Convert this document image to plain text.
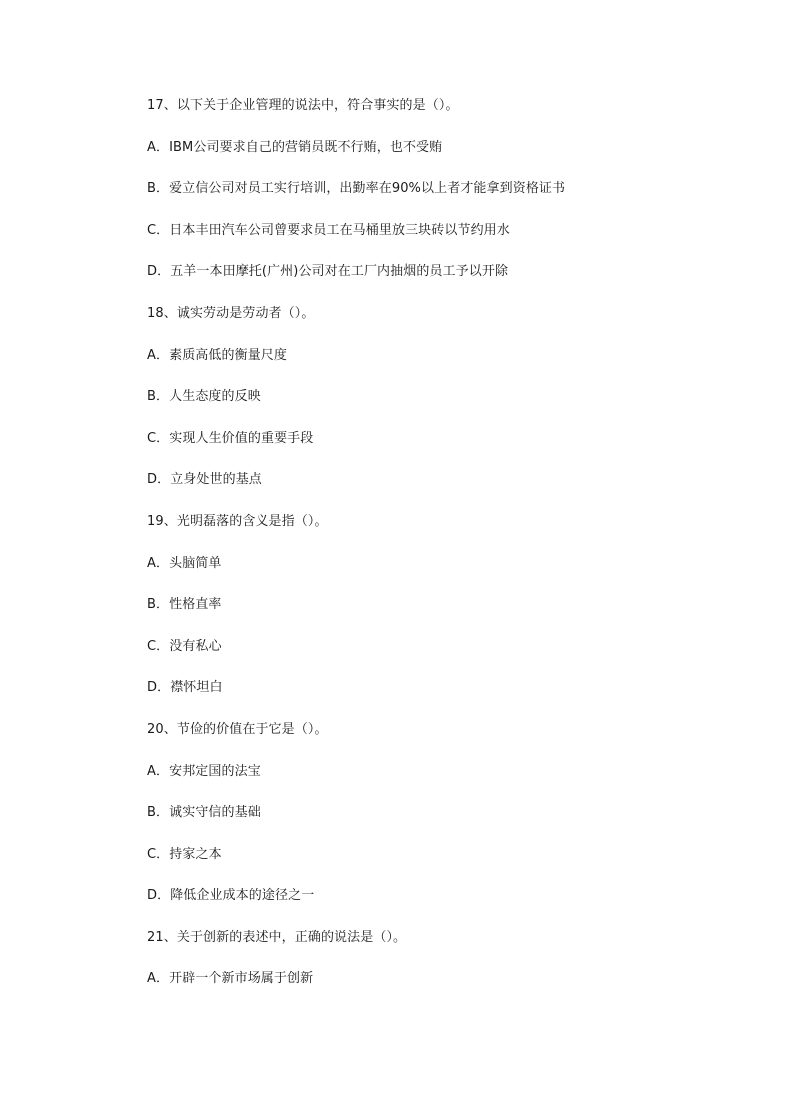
17、以下关于企业管理的说法中，符合事实的是（）。
A．IBM公司要求自己的营销员既不行贿，也不受贿
B．爱立信公司对员工实行培训，出勤率在90%以上者才能拿到资格证书
C．日本丰田汽车公司曾要求员工在马桶里放三块砖以节约用水
D．五羊一本田摩托(广州)公司对在工厂内抽烟的员工予以开除
18、诚实劳动是劳动者（）。
A．素质高低的衡量尺度
B．人生态度的反映
C．实现人生价值的重要手段
D．立身处世的基点
19、光明磊落的含义是指（）。
A．头脑简单
B．性格直率
C．没有私心
D．襟怀坦白
20、节俭的价值在于它是（）。
A．安邦定国的法宝
B．诚实守信的基础
C．持家之本
D．降低企业成本的途径之一
21、关于创新的表述中，正确的说法是（）。
A．开辟一个新市场属于创新
